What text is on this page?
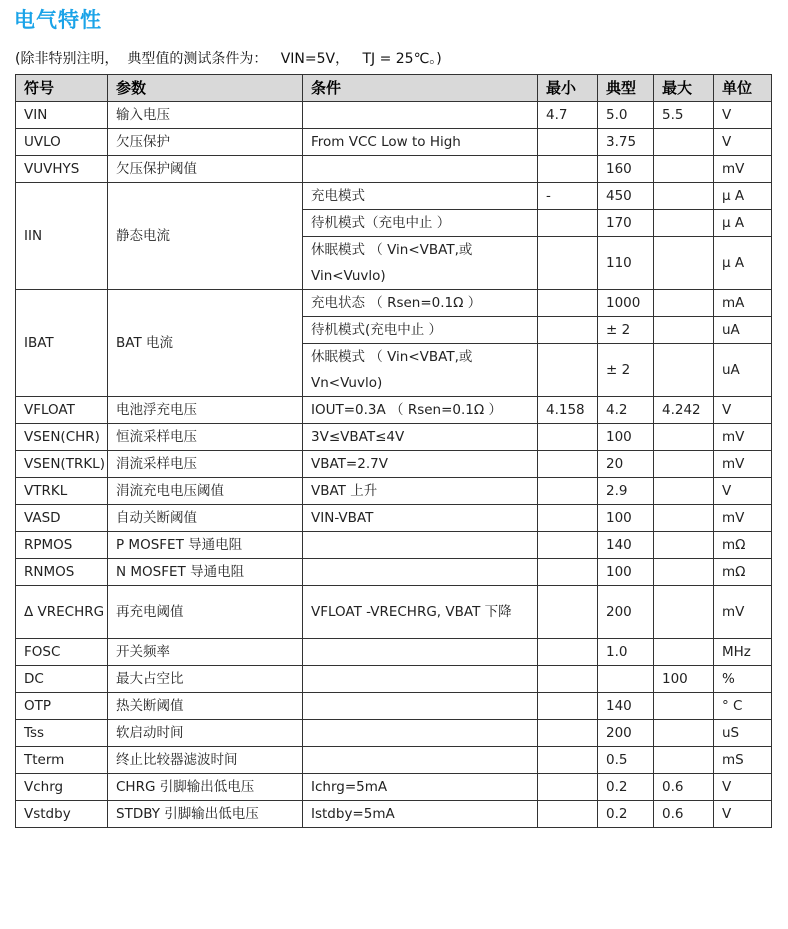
电气特性
(除非特别注明，  典型值的测试条件为：   VIN=5V，   TJ = 25℃。)
符号	参数	条件	最小	典型	最大	单位
VIN	输入电压		4.7	5.0	5.5	V
UVLO	欠压保护	From VCC Low to High		3.75		V
VUVHYS	欠压保护阈值			160		mV
IIN	静态电流	充电模式	-	450		μ A
		待机模式（充电中止 ）		170		μ A
		休眠模式 （ Vin<VBAT,或 Vin<Vuvlo)		110		μ A
IBAT	BAT 电流	充电状态 （ Rsen=0.1Ω ）		1000		mA
		待机模式(充电中止 ）		± 2		uA
		休眠模式 （ Vin<VBAT,或 Vn<Vuvlo)		± 2		uA
VFLOAT	电池浮充电压	IOUT=0.3A （ Rsen=0.1Ω ）	4.158	4.2	4.242	V
VSEN(CHR)	恒流采样电压	3V≤VBAT≤4V		100		mV
VSEN(TRKL)	涓流采样电压	VBAT=2.7V		20		mV
VTRKL	涓流充电电压阈值	VBAT 上升		2.9		V
VASD	自动关断阈值	VIN-VBAT		100		mV
RPMOS	P MOSFET 导通电阻			140		mΩ
RNMOS	N MOSFET 导通电阻			100		mΩ
Δ VRECHRG	再充电阈值	VFLOAT -VRECHRG, VBAT 下降		200		mV
FOSC	开关频率			1.0		MHz
DC	最大占空比				100	%
OTP	热关断阈值			140		° C
Tss	软启动时间			200		uS
Tterm	终止比较器滤波时间			0.5		mS
Vchrg	CHRG 引脚输出低电压	Ichrg=5mA		0.2	0.6	V
Vstdby	STDBY 引脚输出低电压	Istdby=5mA		0.2	0.6	V
